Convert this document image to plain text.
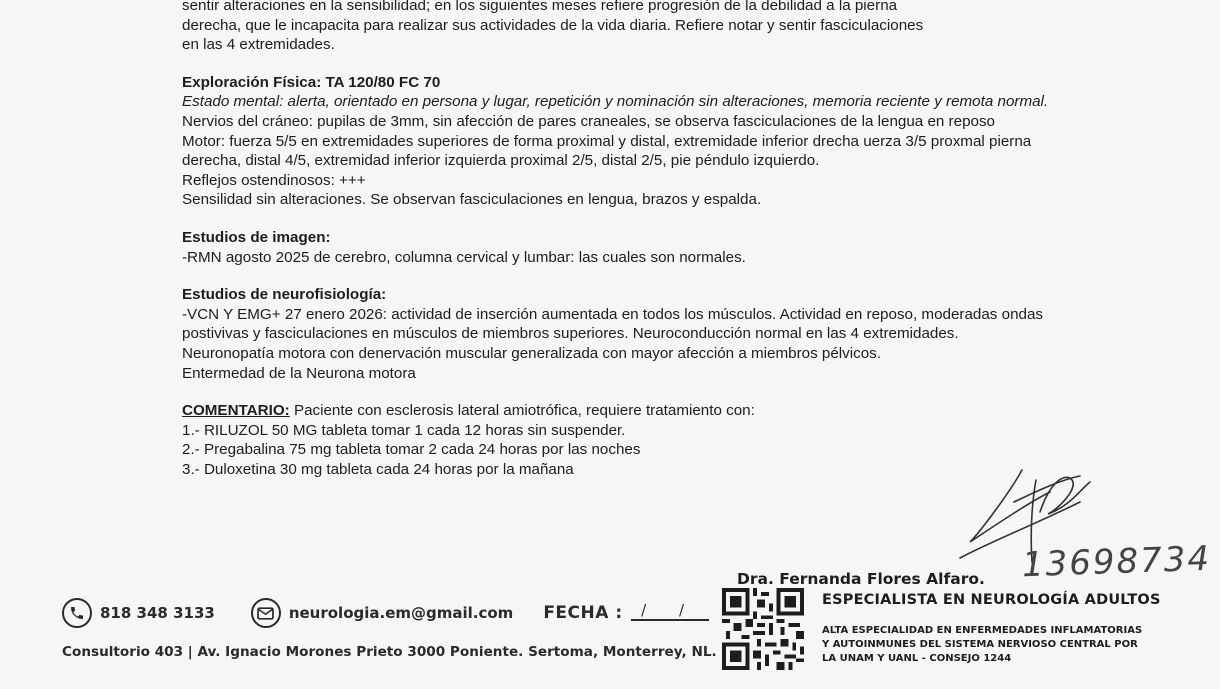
sentir alteraciones en la sensibilidad; en los siguientes meses refiere progresión de la debilidad a la pierna

derecha, que le incapacita para realizar sus actividades de la vida diaria. Refiere notar y sentir fasciculaciones

en las 4 extremidades.

Exploración Física: TA 120/80 FC 70

Estado mental: alerta, orientado en persona y lugar, repetición y nominación sin alteraciones, memoria reciente y remota normal.

Nervios del cráneo: pupilas de 3mm, sin afección de pares craneales, se observa fasciculaciones de la lengua en reposo

Motor: fuerza 5/5 en extremidades superiores de forma proximal y distal, extremidade inferior drecha uerza 3/5 proxmal pierna derecha, distal 4/5, extremidad inferior izquierda proximal 2/5, distal 2/5, pie péndulo izquierdo.

Reflejos ostendinosos: +++

Sensilidad sin alteraciones. Se observan fasciculaciones en lengua, brazos y espalda.

Estudios de imagen:

-RMN agosto 2025 de cerebro, columna cervical y lumbar: las cuales son normales.

Estudios de neurofisiología:

-VCN Y EMG+ 27 enero 2026: actividad de inserción aumentada en todos los músculos. Actividad en reposo, moderadas ondas postivivas y fasciculaciones en músculos de miembros superiores. Neuroconducción normal en las 4 extremidades. Neuronopatía motora con denervación muscular generalizada con mayor afección a miembros pélvicos.

Entermedad de la Neurona motora

COMENTARIO: Paciente con esclerosis lateral amiotrófica, requiere tratamiento con:

1.- RILUZOL 50 MG tableta tomar 1 cada 12 horas sin suspender.

2.- Pregabalina 75 mg tableta tomar 2 cada 24 horas por las noches

3.- Duloxetina 30 mg tableta cada 24 horas por la mañana

818 348 3133	neurologia.em@gmail.com FECHA :	/ /
Consultorio 403 | Av. Ignacio Morones Prieto 3000 Poniente. Sertoma, Monterrey, NL.
Dra. Fernanda Flores Alfaro.
ESPECIALISTA EN NEUROLOGÍA ADULTOS
ALTA ESPECIALIDAD EN ENFERMEDADES INFLAMATORIAS
Y AUTOINMUNES DEL SISTEMA NERVIOSO CENTRAL POR
LA UNAM Y UANL - CONSEJO 1244
13698734
